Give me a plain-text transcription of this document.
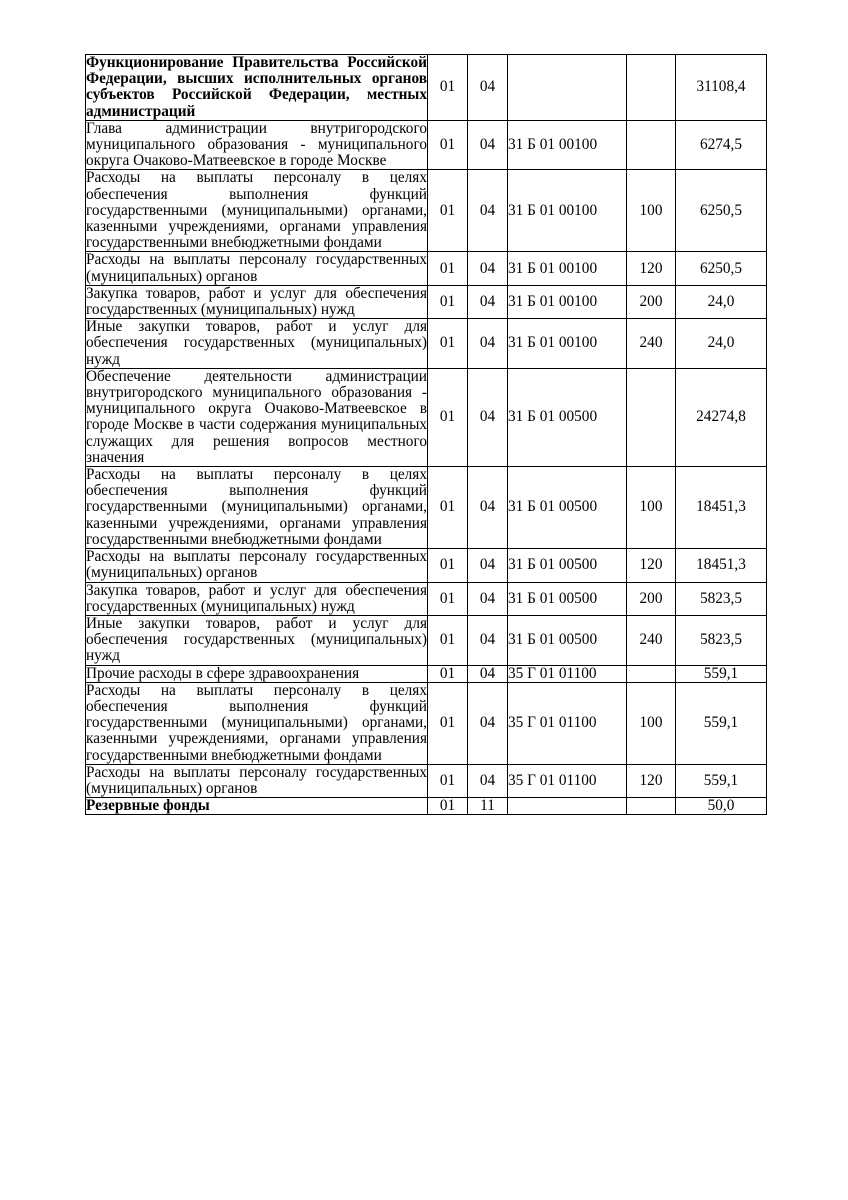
Функционирование Правительства Российской Федерации, высших исполнительных органов субъектов Российской Федерации, местных администраций	01	04			31108,4
Глава администрации внутригородского муниципального образования - муниципального округа Очаково-Матвеевское в городе Москве	01	04	31 Б 01 00100		6274,5
Расходы на выплаты персоналу в целях обеспечения выполнения функций государственными (муниципальными) органами, казенными учреждениями, органами управления государственными внебюджетными фондами	01	04	31 Б 01 00100	100	6250,5
Расходы на выплаты персоналу государственных (муниципальных) органов	01	04	31 Б 01 00100	120	6250,5
Закупка товаров, работ и услуг для обеспечения государственных (муниципальных) нужд	01	04	31 Б 01 00100	200	24,0
Иные закупки товаров, работ и услуг для обеспечения государственных (муниципальных) нужд	01	04	31 Б 01 00100	240	24,0
Обеспечение деятельности администрации внутригородского муниципального образования - муниципального округа Очаково-Матвеевское в городе Москве в части содержания муниципальных служащих для решения вопросов местного значения	01	04	31 Б 01 00500		24274,8
Расходы на выплаты персоналу в целях обеспечения выполнения функций государственными (муниципальными) органами, казенными учреждениями, органами управления государственными внебюджетными фондами	01	04	31 Б 01 00500	100	18451,3
Расходы на выплаты персоналу государственных (муниципальных) органов	01	04	31 Б 01 00500	120	18451,3
Закупка товаров, работ и услуг для обеспечения государственных (муниципальных) нужд	01	04	31 Б 01 00500	200	5823,5
Иные закупки товаров, работ и услуг для обеспечения государственных (муниципальных) нужд	01	04	31 Б 01 00500	240	5823,5
Прочие расходы в сфере здравоохранения	01	04	35 Г 01 01100		559,1
Расходы на выплаты персоналу в целях обеспечения выполнения функций государственными (муниципальными) органами, казенными учреждениями, органами управления государственными внебюджетными фондами	01	04	35 Г 01 01100	100	559,1
Расходы на выплаты персоналу государственных (муниципальных) органов	01	04	35 Г 01 01100	120	559,1
Резервные фонды	01	11			50,0
